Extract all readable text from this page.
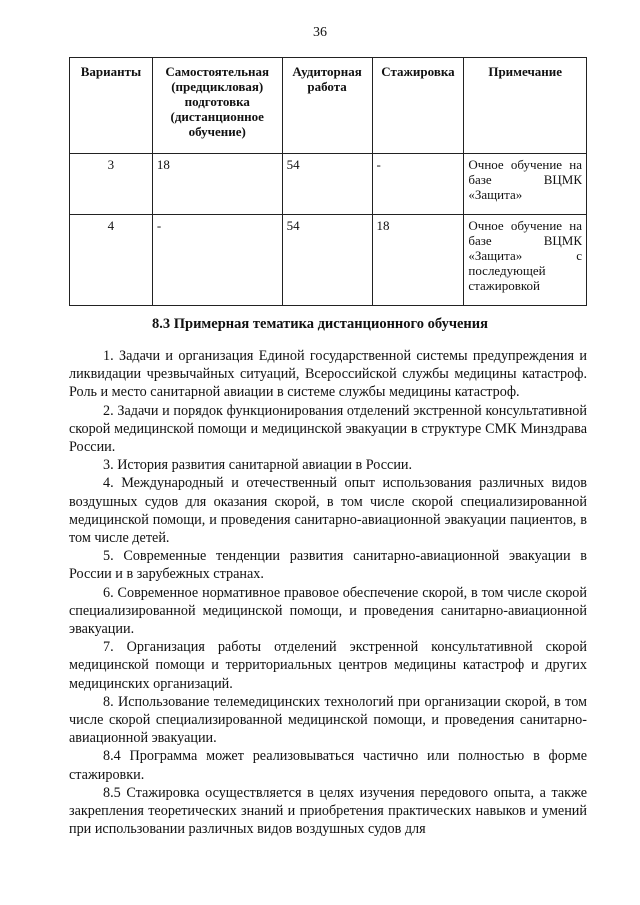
36
Варианты	Самостоятельная (предцикловая) подготовка (дистанционное обучение)	Аудиторная работа	Стажировка	Примечание
3	18	54	-	Очное обучение на базе ВЦМК «Защита»
4	-	54	18	Очное обучение на базе ВЦМК «Защита» с последующей стажировкой
8.3 Примерная тематика дистанционного обучения

1. Задачи и организация Единой государственной системы предупреждения и ликвидации чрезвычайных ситуаций, Всероссийской службы медицины катастроф. Роль и место санитарной авиации в системе службы медицины катастроф.

2. Задачи и порядок функционирования отделений экстренной консультативной скорой медицинской помощи и медицинской эвакуации в структуре СМК Минздрава России.

3. История развития санитарной авиации в России.

4. Международный и отечественный опыт использования различных видов воздушных судов для оказания скорой, в том числе скорой специализированной медицинской помощи, и проведения санитарно-авиационной эвакуации пациентов, в том числе детей.

5. Современные тенденции развития санитарно-авиационной эвакуации в России и в зарубежных странах.

6. Современное нормативное правовое обеспечение скорой, в том числе скорой специализированной медицинской помощи, и проведения санитарно-авиационной эвакуации.

7. Организация работы отделений экстренной консультативной скорой медицинской помощи и территориальных центров медицины катастроф и других медицинских организаций.

8. Использование телемедицинских технологий при организации скорой, в том числе скорой специализированной медицинской помощи, и проведения санитарно-авиационной эвакуации.

8.4 Программа может реализовываться частично или полностью в форме стажировки.

8.5 Стажировка осуществляется в целях изучения передового опыта, а также закрепления теоретических знаний и приобретения практических навыков и умений при использовании различных видов воздушных судов для
